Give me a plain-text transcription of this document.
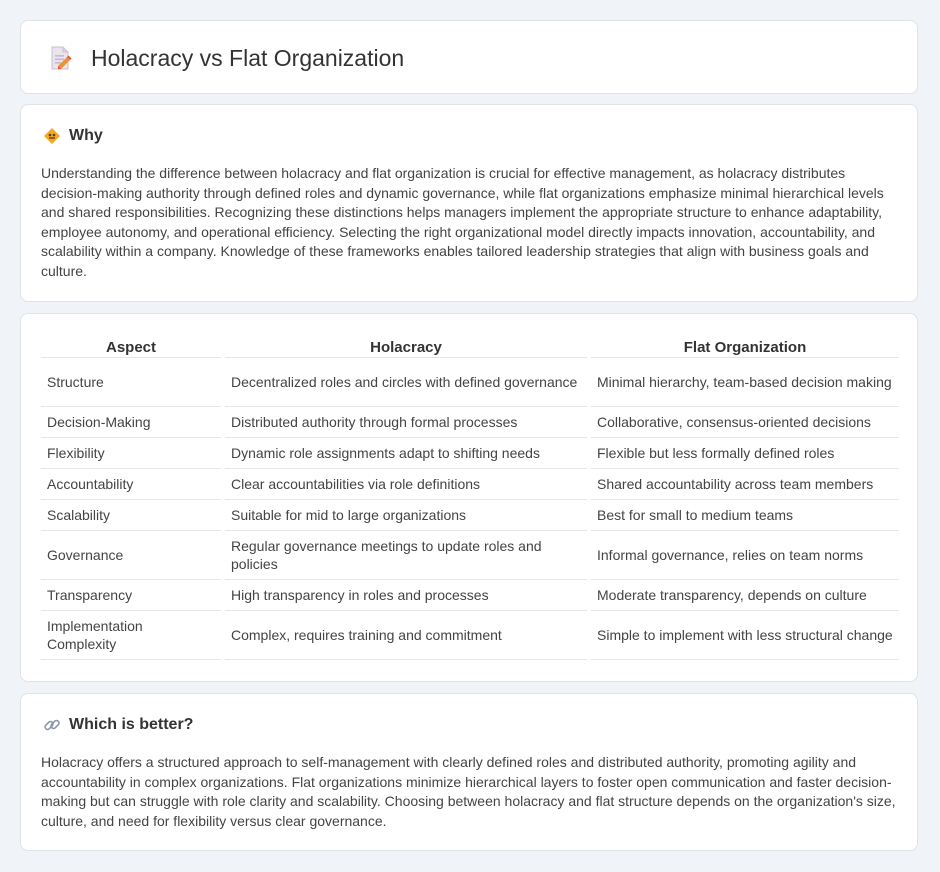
Holacracy vs Flat Organization
Why

Understanding the difference between holacracy and flat organization is crucial for effective management, as holacracy distributes decision-making authority through defined roles and dynamic governance, while flat organizations emphasize minimal hierarchical levels and shared responsibilities. Recognizing these distinctions helps managers implement the appropriate structure to enhance adaptability, employee autonomy, and operational efficiency. Selecting the right organizational model directly impacts innovation, accountability, and scalability within a company. Knowledge of these frameworks enables tailored leadership strategies that align with business goals and culture.

Aspect	Holacracy	Flat Organization
Structure	Decentralized roles and circles with defined governance	Minimal hierarchy, team-based decision making
Decision-Making	Distributed authority through formal processes	Collaborative, consensus-oriented decisions
Flexibility	Dynamic role assignments adapt to shifting needs	Flexible but less formally defined roles
Accountability	Clear accountabilities via role definitions	Shared accountability across team members
Scalability	Suitable for mid to large organizations	Best for small to medium teams
Governance	Regular governance meetings to update roles and policies	Informal governance, relies on team norms
Transparency	High transparency in roles and processes	Moderate transparency, depends on culture
Implementation Complexity	Complex, requires training and commitment	Simple to implement with less structural change
Which is better?

Holacracy offers a structured approach to self-management with clearly defined roles and distributed authority, promoting agility and accountability in complex organizations. Flat organizations minimize hierarchical layers to foster open communication and faster decision-making but can struggle with role clarity and scalability. Choosing between holacracy and flat structure depends on the organization's size, culture, and need for flexibility versus clear governance.
